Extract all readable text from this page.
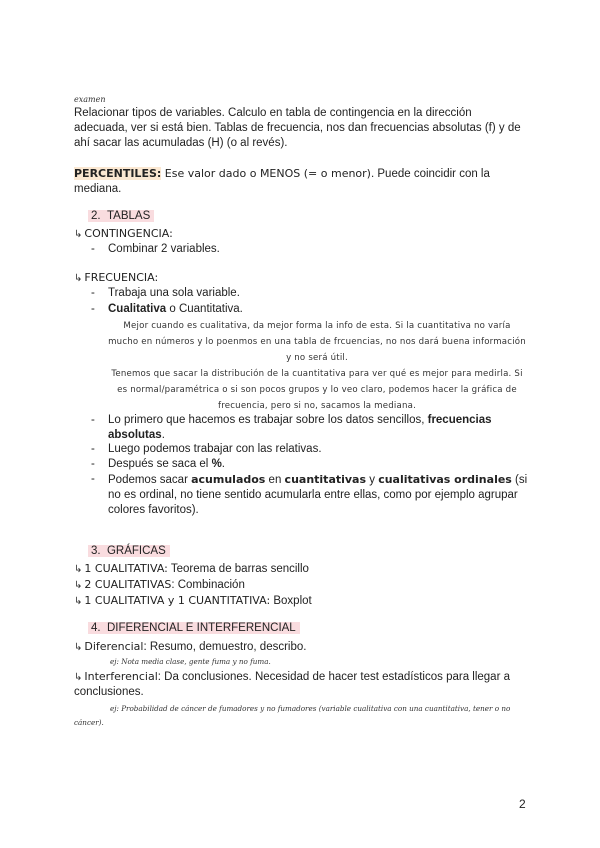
examen
Relacionar tipos de variables. Calculo en tabla de contingencia en la dirección adecuada, ver si está bien. Tablas de frecuencia, nos dan frecuencias absolutas (f) y de ahí sacar las acumuladas (H) (o al revés).
PERCENTILES: Ese valor dado o MENOS (= o menor). Puede coincidir con la mediana.
2. TABLAS
↳ CONTINGENCIA:
- Combinar 2 variables.
↳ FRECUENCIA:
- Trabaja una sola variable.
- Cualitativa o Cuantitativa.
Mejor cuando es cualitativa, da mejor forma la info de esta. Si la cuantitativa no varía mucho en números y lo poenmos en una tabla de frcuencias, no nos dará buena información y no será útil.
Tenemos que sacar la distribución de la cuantitativa para ver qué es mejor para medirla. Si es normal/paramétrica o si son pocos grupos y lo veo claro, podemos hacer la gráfica de frecuencia, pero si no, sacamos la mediana.
-	Lo primero que hacemos es trabajar sobre los datos sencillos, frecuencias absolutas.
- Luego podemos trabajar con las relativas.
- Después se saca el %.
-	Podemos sacar acumulados en cuantitativas y cualitativas ordinales (si no es ordinal, no tiene sentido acumularla entre ellas, como por ejemplo agrupar colores favoritos).
3. GRÁFICAS
↳ 1 CUALITATIVA: Teorema de barras sencillo
↳ 2 CUALITATIVAS: Combinación
↳ 1 CUALITATIVA y 1 CUANTITATIVA: Boxplot
4. DIFERENCIAL E INTERFERENCIAL
↳ Diferencial: Resumo, demuestro, describo.
ej: Nota media clase, gente fuma y no fuma.
↳ Interferencial: Da conclusiones. Necesidad de hacer test estadísticos para llegar a conclusiones.
ej: Probabilidad de cáncer de fumadores y no fumadores (variable cualitativa con una cuantitativa, tener o no cáncer).
2
